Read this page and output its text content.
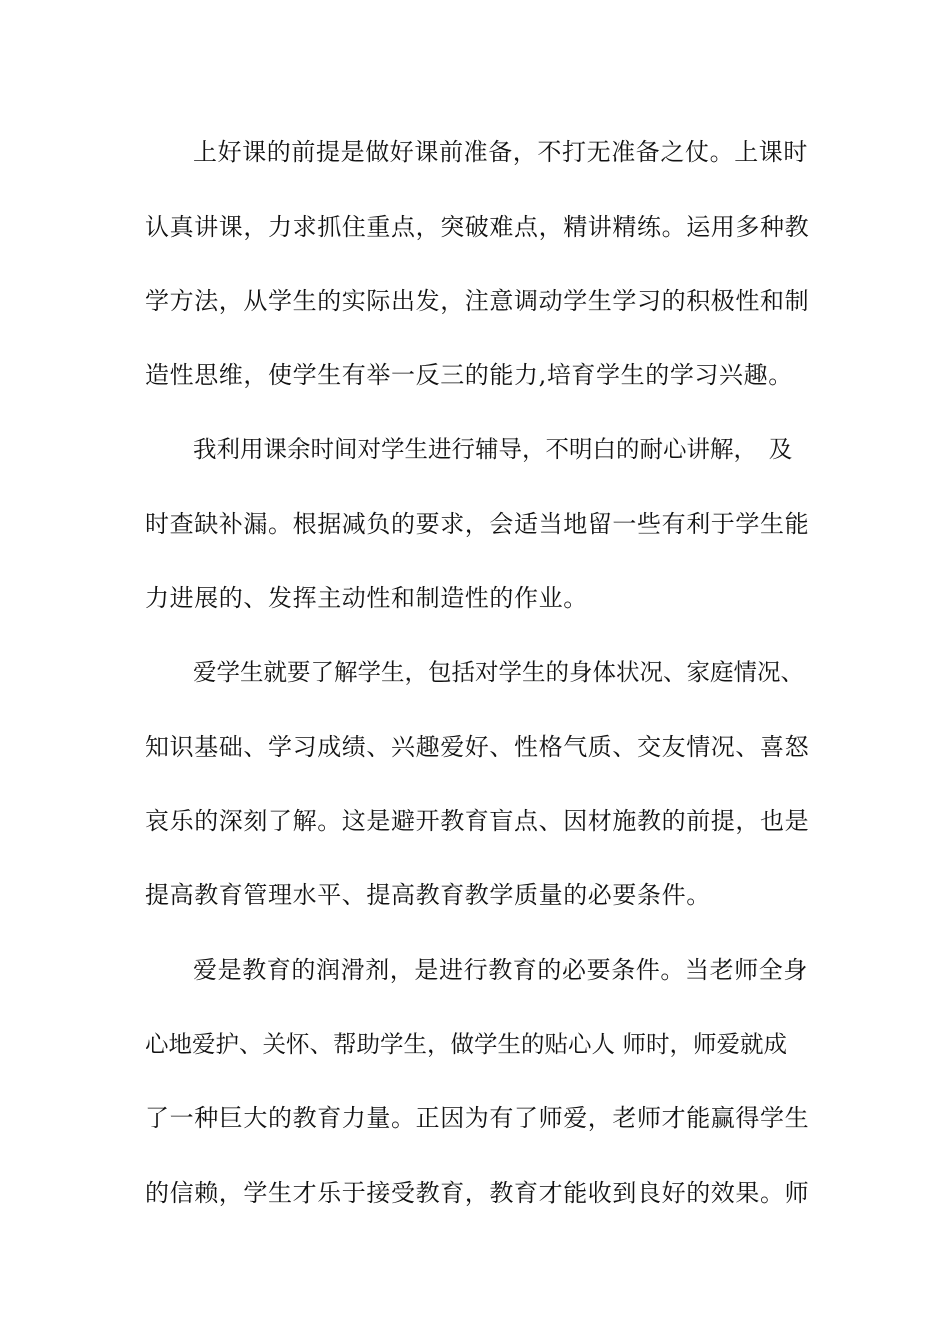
上好课的前提是做好课前准备，不打无准备之仗。上课时
认真讲课，力求抓住重点，突破难点，精讲精练。运用多种教
学方法，从学生的实际出发，注意调动学生学习的积极性和制
造性思维，使学生有举一反三的能力,培育学生的学习兴趣。
我利用课余时间对学生进行辅导，不明白的耐心讲解，　及
时查缺补漏。根据减负的要求，会适当地留一些有利于学生能
力进展的、发挥主动性和制造性的作业。
爱学生就要了解学生，包括对学生的身体状况、家庭情况、
知识基础、学习成绩、兴趣爱好、性格气质、交友情况、喜怒
哀乐的深刻了解。这是避开教育盲点、因材施教的前提，也是
提高教育管理水平、提高教育教学质量的必要条件。
爱是教育的润滑剂，是进行教育的必要条件。当老师全身
心地爱护、关怀、帮助学生，做学生的贴心人 师时，师爱就成
了一种巨大的教育力量。正因为有了师爱，老师才能赢得学生
的信赖，学生才乐于接受教育，教育才能收到良好的效果。师
